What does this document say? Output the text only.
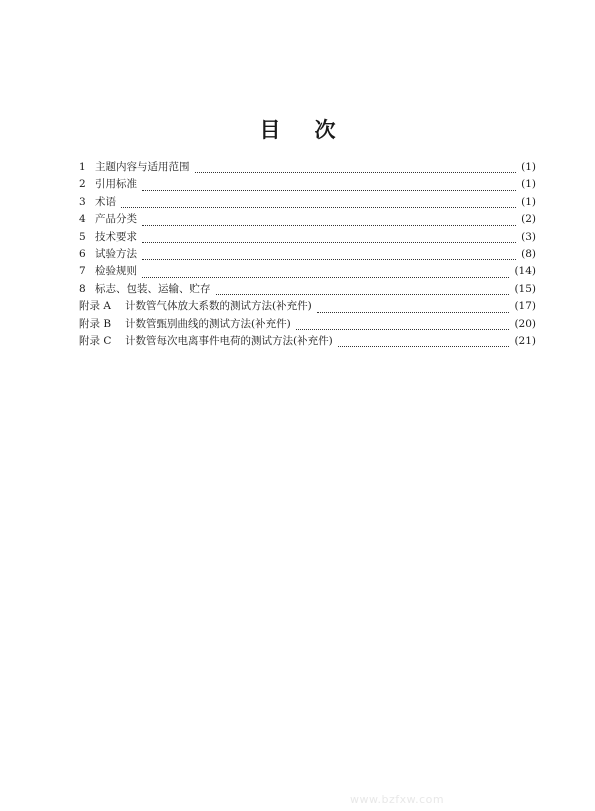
目 次
1 主题内容与适用范围	(1)
2 引用标准	(1)
3 术语	(1)
4 产品分类	(2)
5 技术要求	(3)
6 试验方法	(8)
7 检验规则	(14)
8 标志、包装、运输、贮存	(15)
附录 A	计数管气体放大系数的测试方法(补充件)	(17)
附录 B	计数管甄别曲线的测试方法(补充件)	(20)
附录 C	计数管每次电离事件电荷的测试方法(补充件)	(21)
www.bzfxw.com
